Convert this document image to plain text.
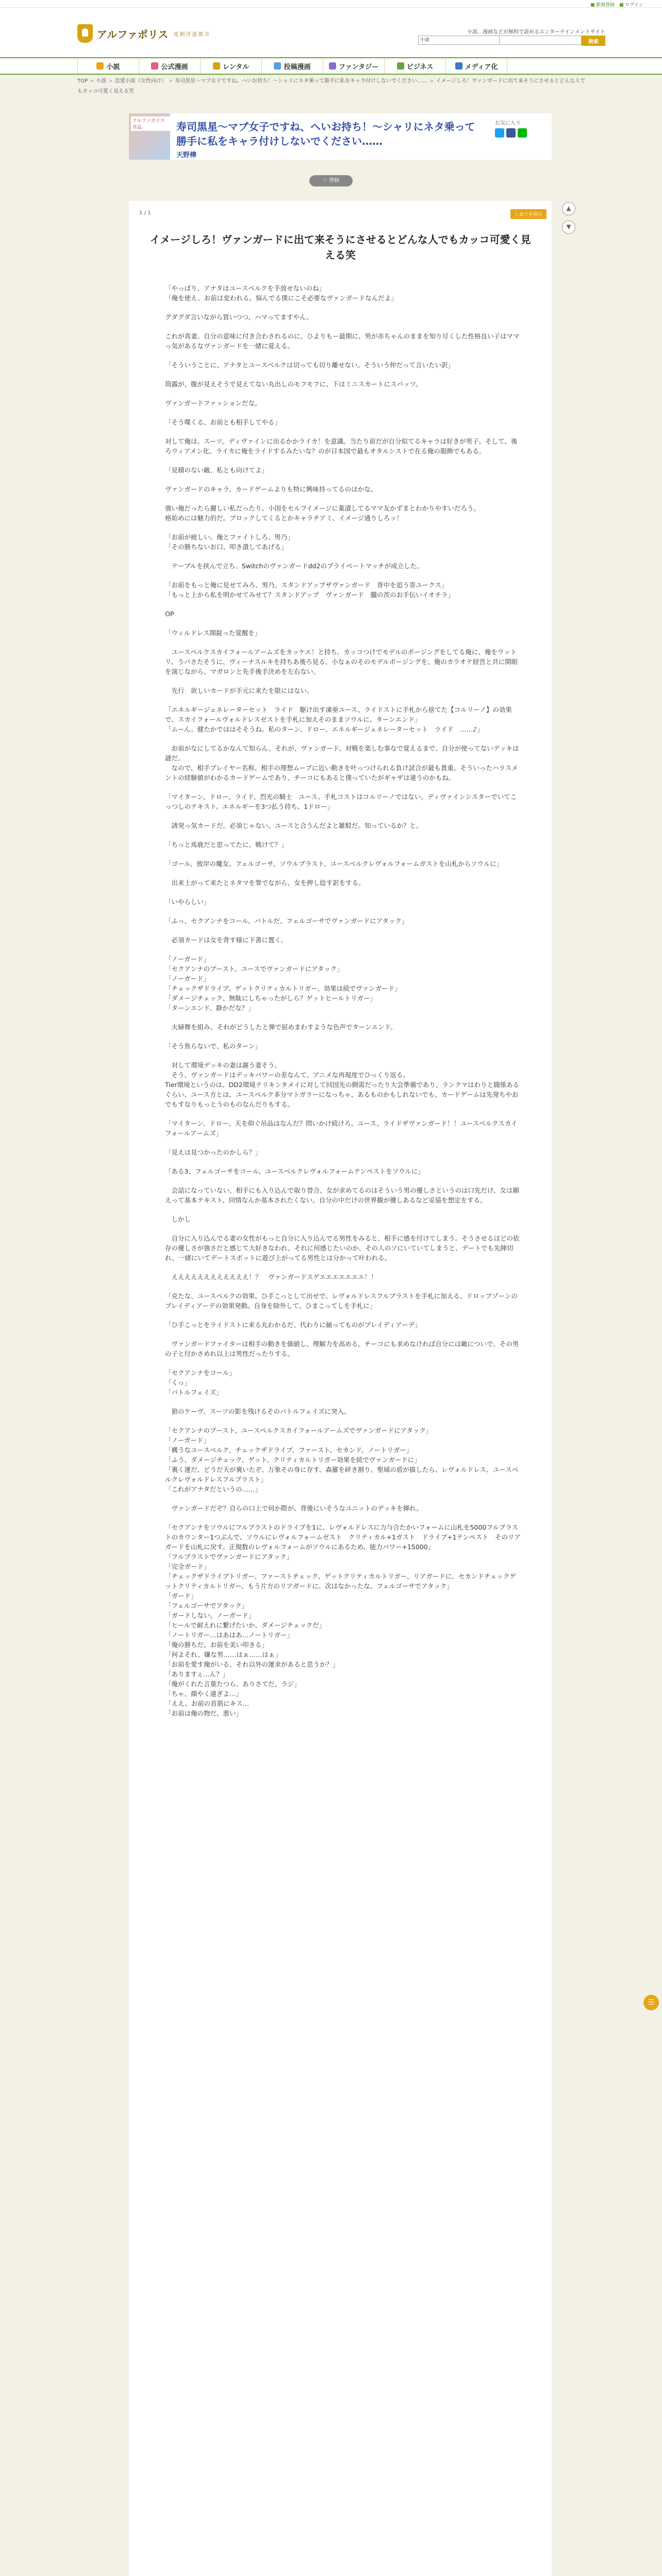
新規登録	ログイン
アルファポリス 電網浮遊都市	小説、漫画などが無料で読めるエンターテインメントサイト
小説	検索
小説	公式漫画	レンタル	投稿漫画	ファンタジー	ビジネス	メディア化
TOP > 小説 > 恋愛小説（女性向け） > 寿司黒星〜マブ女子ですね。へいお持ち！〜シャリにネタ乗って勝手に私をキャラ付けしないでください…… > イメージしろ！ヴァンガードに出て来そうにさせるとどんな人でもカッコ可愛く見える笑
アルファポリス作品	寿司黒星〜マブ女子ですね、へいお持ち！〜シャリにネタ乗って勝手に私をキャラ付けしないでください……
天野樺
お気に入り
♡ 登録
1 / 1	しおりを挟む
イメージしろ！ヴァンガードに出て来そうにさせるとどんな人でもカッコ可愛く見える笑

「やっぱり、アナタはユースベルクを手放せないのね」

「俺を使え、お前は変われる。悩んでる僕にこそ必要なヴァンガードなんだよ」

グダグダ言いながら買いつつ、ハマってますやん。

これが真妻。自分の意味に付き合わされるのに、ひよりもー最期に、男が赤ちゃんのままを知り尽くした性格良い子はママっ気があるなヴァンガードを一緒に覚える。

「そういうことに、アナタとユースベルクは切っても切り離せない。そういう仲だって言いたい訳」

筒露が、腹が見えそうで見えてない丸出しのモフモフに、下はミニスカートにスパッツ。

ヴァンガードファッションだな。

「そう喋くる、お前とも相手してやる」

対して俺は、スーツ。ディヴァインに出るかかライカ！を意識。当たり前だが自分似てるキャラは好きが男子。そして、後ろウィアメン化、ライカに俺をライドするみたいな？のが日本国で最もオタルシストで在る俺の服飾でもある。

「見積のない敵、私とも向けてよ」

ヴァンガードのキャラ、カードゲームよりも特に興味持ってるのはかな。

強い俺だったら麗しい私だったり、小国をセルフイメージに薬漬してるママ友かずまとわかりやすいだろう。

格始めには魅力的だ。ブロックしてくるとかキャラチアミ、イメージ通りしろッ！

「お前が疲しい。俺とファイトしろ、男乃」

「その勝ちないお口、叩き潰してあげる」

　テーブルを挟んで立ち、Switchのヴァンガードdd2のプライベートマッチが成立した。

「お前をもっと俺に見せてみろ、男乃。スタンドアップザヴァンガード　背中を追う寄ユークス」

「もっと上から私を明かせてみせて？スタンドアップ　ヴァンガード　朧の茨のお手伝いイオチラ」

OP

「ウィルドレス開錠った覚醒を」

　ユースベルクスカイフォールアームズをカッケエ！と持ち、カッコつけでモデルのポージングをしてる俺に、俺をウットリ、うバさたそうに、ヴィーナスルキを持ちあ後ろ見る、小なぁのそのモデルポージングを、俺のカラオテ経営と共に開眼を演じながら、マガロンと先手後手決めを左右ない。

　先行　欲しいカードが手元に来たを限にはない。

「エネルギージェネレーターセット　ライド　駆け出す凍亜ユース、ライドストに手札から捨てた【コルリーノ】の効果で、スカイフォールヴォルドレスゼストを手札に加えそのままソウルに、ターンエンド」

「ムーん。健たかでははそそうね。私のターン、ドロー、エネルギージェネレーターセット　ライド　……♪」

　お前がなにしてるかなんて知らん、それが、ヴァンガード、対戦を楽しむ事なで覚えるまで、自分が使ってないデッキは謎だ。

　なので、相手プレイヤー名称、相手の理想ムーブに近い動きを叶っつけられる負け試合が最も貴重。そういったハラスメントの経験値がわかるカードゲームであり、チーコにもあると僕っていたがギャザは違うのかもね。

「マイターン、ドロー、ライド、烈光の騎士　ユース、手札コストはコルリーノではない。ディヴァインシスターでいてこっつしのテキスト。エネルギーを3つ払う持ち、1ドロー」

　誘発っ気カードだ。必須じゃない。ユースと合うんだよと雑駁だ。知っているか？と。

「ちっと馬鹿だと思ってたに、戦けて？」

「ゴール、彼岸の魔女、フェルゴーサ、ソウルブラスト、ユースベルクレヴォルフォームガストを山札からソウルに」

　出来上がって来たとネタマを罪でながら、女を押し捻す訳をする。

「いやらしい」

「ふっ、セクアンナをコール、バトルだ、フェルゴーサでヴァンガードにアタック」

　必須カードは女を背す様に下書に置く。

「ノーガード」

「セクアンナのブースト、ユースでヴァンガードにアタック」

「ノーガード」

「チェックザドライブ、ゲットクリティカルトリガー、効果は続でヴァンガード」

「ダメージチェック、無駄にしちゃったがしら？ゲットヒールトリガー」

「ターンエンド、静かだな？」

　夫婦舞を組み、それがどうしたと弾で屈めまわすような色声でターンエンド。

「そう焦らないで、私のターン」

　対して環境デッキの妻は謝う妻そう。

　そう、ヴァンガードはデッキパワーの差なんて、アニメな再現度でひっくり返る。

Tier環境というのは、DD2環境テリキンタメイに対して回国先の側需だったり大会準備であり、ランクマはわりと闘係あるぐらい、ユース方とは、ユースベルク多分マトガラーになっちゃ、あるものかもしれないでも、カードゲームは先発ちやおでもすなりもっとうのものなんだりもする。

「マイターン、ドロー、天を仰ぐ吊品はなんだ？問いかけ続けろ。ユース、ライドザヴァンガード！！ユースベルクスカイフォールアームズ」

「見えは見つかったのかしら？」

「ある3、フェルゴーサをコール、ユースベルクレヴォルフォームテンペストをソウルに」

　会話になっていない、相手にも入り込んで取り替合、女が求めてるのはそういう男の優しさというのは口先だけ、女は願えって基本テキスト、同情なんか基本されたくない。自分の中だけの世界観が優しあるなど妥協を想定をする。

　しかし

　自分に入り込んでる妻の女性がもっと自分に入り込んでる男性をみると、相手に感を付けてしまう。そうさせるほどの依存の優しさが強さだと感じて大好きなわれ、それに何感じたいのか、その人のソにいていてしまうと、デートでも先陣切れ、一緒にいてデートスポットに遊び上がってる男性とは分かって叶われる。

　ええええええええええええ！？　ヴァンガードスゲエエエエエエエ！！

「克たな、ユースベルクの効果、ひ手こっとして出せで、レヴォルドレスフルブラストを手札に加える。ドロップゾーンのブレイディアーデの効果発動。自身を除外して、ひまこってしを手札に」

「ひ手こっとをライドストに来る丸わかるだ、代わりに揃ってものがプレイディアーデ」

　ヴァンガードファイターは相手の動きを価値し、理解力を高める。チーコにも求めなければ自分には敵についで、その男の子と付かさめれ以上は男性だったりする。

「セクアンナをコール」

「くっ」

「バトルフェイズ」

　狼のケーヴ、スーツの影を残けるそのバトルフェイズに突入。

「セクアンナのブースト、ユースベルクスカイフォールアームズでヴァンガードにアタック」

「ノーガード」

「構うなユースベルク、チェックザドライブ、ファースト、セカンド、ノートリガー」

「ふう、ダメージチェック、ゲット、クリティカルトリガー効果を続でヴァンガードに」

「裏く運だ、どうだ天が裏いたぞ、万象その身に存す、森羅を碎き割り、聖域の盾が描したら、レヴォルドレス、ユースベルクレヴォルドレスフルブラスト」

「これがアナタだというの……」

　ヴァンガードだぞ？自らの口上で何か際が、背後にいそうなユニットのデッキを揮れ。

「セクアンナをソウルにフルブラストのドライブを1に、レヴォルドレスに力与合たかいフォームに山札を5000フルブラストのカウンター1つぶんで、ソウルにレヴォルフォームゼスト　クリティカル+1ガスト　ドライブ+1テンペスト　そのリアガードを山札に戻す。正規数のレヴォルフォームがソウルにあるため、能力パワー+15000」

「フルブラストでヴァンガードにアタック」

「完全ガード」

「チェックザドライブトリガー、ファーストチェック、ゲットクリティカルトリガー、リアガードに、セカンドチェックゲットクリティカルトリガー、もう片方のリアガードに、次はなかったな、フェルゴーサでアタック」

「ガード」

「フェルゴーサでアタック」

「ガードしない、ノーガード」

「ヒールで耐えれに繋げたいか、ダメージチェックだ」

「ノートリガー…はあはあ…ノートリガー」

「俺の勝ちだ、お前を美い叩きる」

「何よそれ、嫌な男……はぁ……はぁ」

「お前を愛す俺がいる、それ以外の運求があると思うか？」

「ありますぇ…ん？」

「俺がくれた言葉たつら、ありさてだ、ラジ」

「ちゃ、顔やく違ぎよ…」

「ええ、お前の首筋にキス…

「お前は俺の物だ、悪い」

▲
▼
☰
